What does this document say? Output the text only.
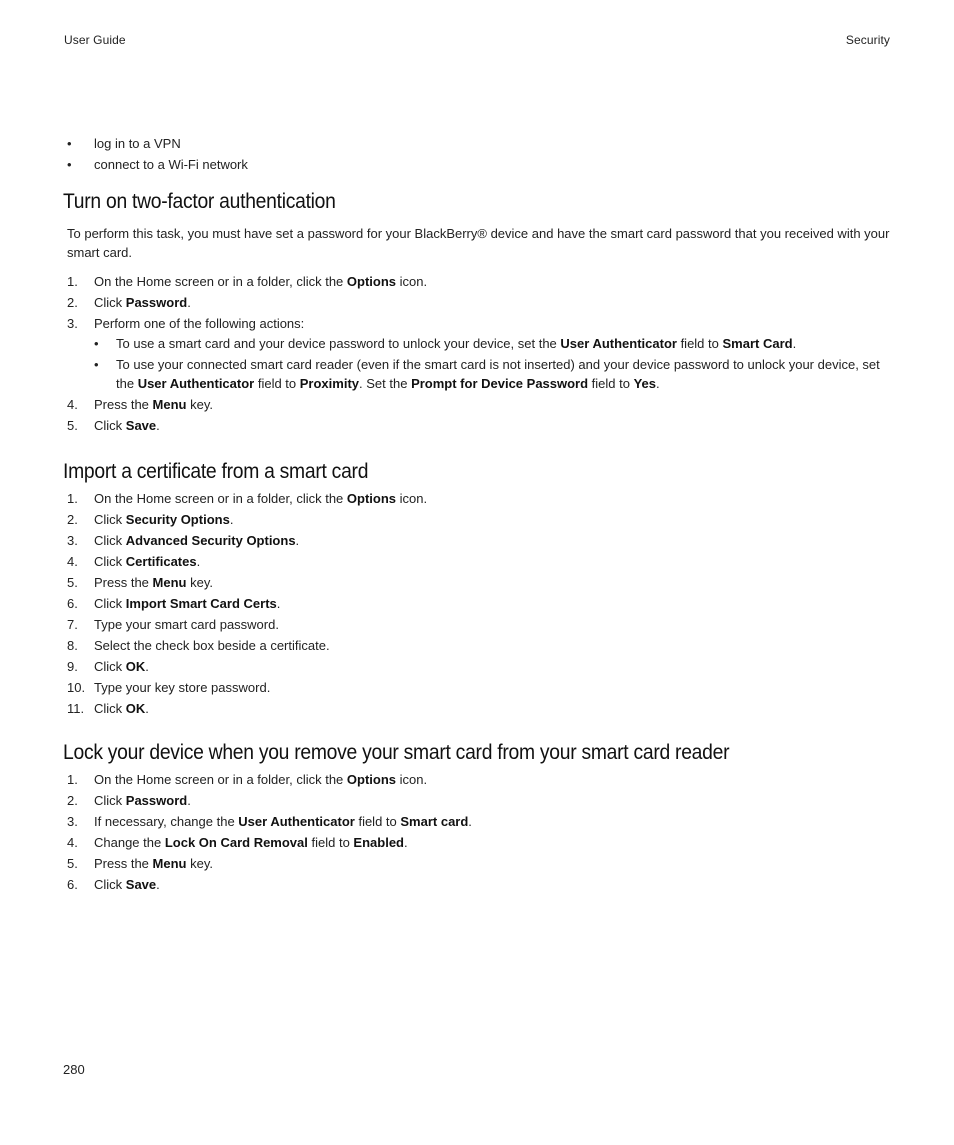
User Guide	Security
•	log in to a VPN
•	connect to a Wi-Fi network
Turn on two-factor authentication

To perform this task, you must have set a password for your BlackBerry® device and have the smart card password that you received with your smart card.

1.	On the Home screen or in a folder, click the Options icon.
2.	Click Password.
3.	Perform one of the following actions:
•	To use a smart card and your device password to unlock your device, set the User Authenticator field to Smart Card.
•	To use your connected smart card reader (even if the smart card is not inserted) and your device password to unlock your device, set the User Authenticator field to Proximity. Set the Prompt for Device Password field to Yes.
4.	Press the Menu key.
5.	Click Save.
Import a certificate from a smart card
1.	On the Home screen or in a folder, click the Options icon.
2.	Click Security Options.
3.	Click Advanced Security Options.
4.	Click Certificates.
5.	Press the Menu key.
6.	Click Import Smart Card Certs.
7.	Type your smart card password.
8.	Select the check box beside a certificate.
9.	Click OK.
10. Type your key store password.
11. Click OK.
Lock your device when you remove your smart card from your smart card reader
1.	On the Home screen or in a folder, click the Options icon.
2.	Click Password.
3.	If necessary, change the User Authenticator field to Smart card.
4.	Change the Lock On Card Removal field to Enabled.
5.	Press the Menu key.
6.	Click Save.
280
